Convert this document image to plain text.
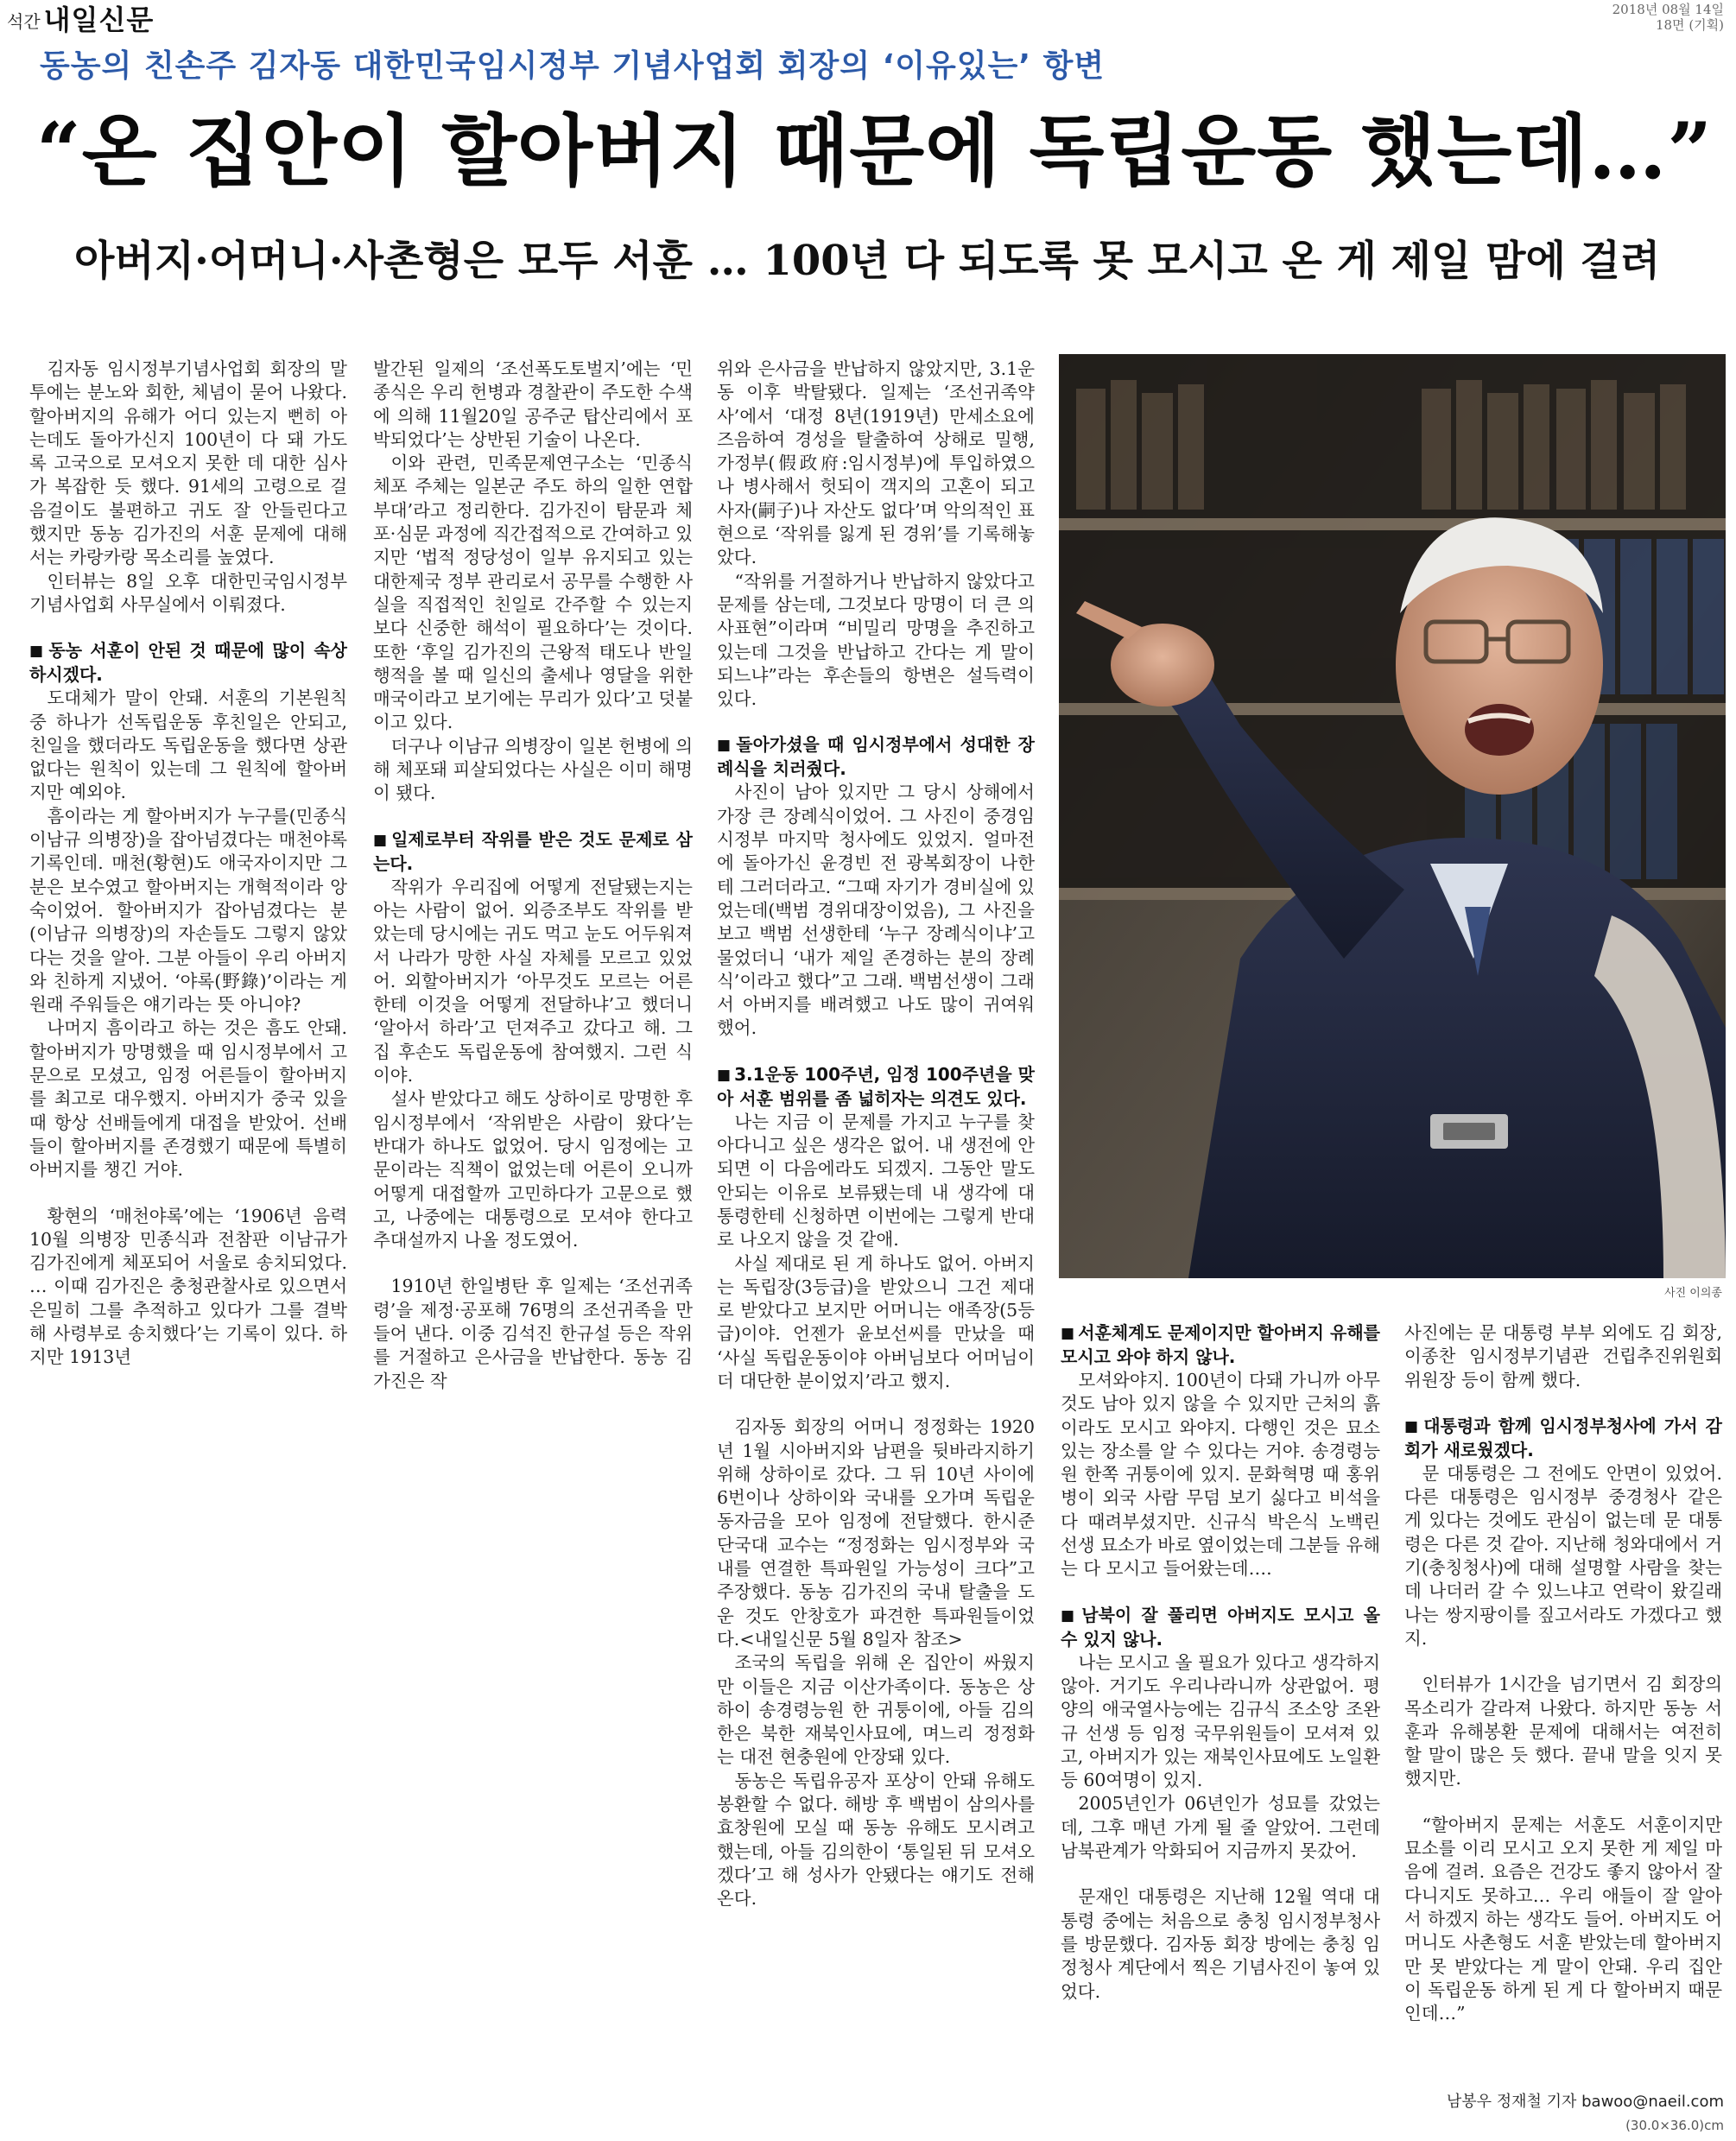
석간 내일신문	2018년 08월 14일
18면 (기획)
동농의 친손주 김자동 대한민국임시정부 기념사업회 회장의 ‘이유있는’ 항변
“온 집안이 할아버지 때문에 독립운동 했는데…”
아버지·어머니·사촌형은 모두 서훈 … 100년 다 되도록 못 모시고 온 게 제일 맘에 걸려

김자동 임시정부기념사업회 회장의 말투에는 분노와 회한, 체념이 묻어 나왔다. 할아버지의 유해가 어디 있는지 뻔히 아는데도 돌아가신지 100년이 다 돼 가도록 고국으로 모셔오지 못한 데 대한 심사가 복잡한 듯 했다. 91세의 고령으로 걸음걸이도 불편하고 귀도 잘 안들린다고 했지만 동농 김가진의 서훈 문제에 대해서는 카랑카랑 목소리를 높였다.

인터뷰는 8일 오후 대한민국임시정부기념사업회 사무실에서 이뤄졌다.

■ 동농 서훈이 안된 것 때문에 많이 속상하시겠다.

도대체가 말이 안돼. 서훈의 기본원칙 중 하나가 선독립운동 후친일은 안되고, 친일을 했더라도 독립운동을 했다면 상관없다는 원칙이 있는데 그 원칙에 할아버지만 예외야.

흠이라는 게 할아버지가 누구를(민종식 이남규 의병장)을 잡아넘겼다는 매천야록 기록인데. 매천(황현)도 애국자이지만 그분은 보수였고 할아버지는 개혁적이라 앙숙이었어. 할아버지가 잡아넘겼다는 분(이남규 의병장)의 자손들도 그렇지 않았다는 것을 알아. 그분 아들이 우리 아버지와 친하게 지냈어. ‘야록(野錄)’이라는 게 원래 주워들은 얘기라는 뜻 아니야?

나머지 흠이라고 하는 것은 흠도 안돼. 할아버지가 망명했을 때 임시정부에서 고문으로 모셨고, 임정 어른들이 할아버지를 최고로 대우했지. 아버지가 중국 있을 때 항상 선배들에게 대접을 받았어. 선배들이 할아버지를 존경했기 때문에 특별히 아버지를 챙긴 거야.

황현의 ‘매천야록’에는 ‘1906년 음력 10월 의병장 민종식과 전참판 이남규가 김가진에게 체포되어 서울로 송치되었다. … 이때 김가진은 충청관찰사로 있으면서 은밀히 그를 추적하고 있다가 그를 결박해 사령부로 송치했다’는 기록이 있다. 하지만 1913년

발간된 일제의 ‘조선폭도토벌지’에는 ‘민종식은 우리 헌병과 경찰관이 주도한 수색에 의해 11월20일 공주군 탑산리에서 포박되었다’는 상반된 기술이 나온다.

이와 관련, 민족문제연구소는 ‘민종식 체포 주체는 일본군 주도 하의 일한 연합부대’라고 정리한다. 김가진이 탐문과 체포·심문 과정에 직간접적으로 간여하고 있지만 ‘법적 정당성이 일부 유지되고 있는 대한제국 정부 관리로서 공무를 수행한 사실을 직접적인 친일로 간주할 수 있는지 보다 신중한 해석이 필요하다’는 것이다. 또한 ‘후일 김가진의 근왕적 태도나 반일 행적을 볼 때 일신의 출세나 영달을 위한 매국이라고 보기에는 무리가 있다’고 덧붙이고 있다.

더구나 이남규 의병장이 일본 헌병에 의해 체포돼 피살되었다는 사실은 이미 해명이 됐다.

■ 일제로부터 작위를 받은 것도 문제로 삼는다.

작위가 우리집에 어떻게 전달됐는지는 아는 사람이 없어. 외증조부도 작위를 받았는데 당시에는 귀도 먹고 눈도 어두워져서 나라가 망한 사실 자체를 모르고 있었어. 외할아버지가 ‘아무것도 모르는 어른한테 이것을 어떻게 전달하냐’고 했더니 ‘알아서 하라’고 던져주고 갔다고 해. 그 집 후손도 독립운동에 참여했지. 그런 식이야.

설사 받았다고 해도 상하이로 망명한 후 임시정부에서 ‘작위받은 사람이 왔다’는 반대가 하나도 없었어. 당시 임정에는 고문이라는 직책이 없었는데 어른이 오니까 어떻게 대접할까 고민하다가 고문으로 했고, 나중에는 대통령으로 모셔야 한다고 추대설까지 나올 정도였어.

1910년 한일병탄 후 일제는 ‘조선귀족령’을 제정·공포해 76명의 조선귀족을 만들어 낸다. 이중 김석진 한규설 등은 작위를 거절하고 은사금을 반납한다. 동농 김가진은 작

위와 은사금을 반납하지 않았지만, 3.1운동 이후 박탈됐다. 일제는 ‘조선귀족약사’에서 ‘대정 8년(1919년) 만세소요에 즈음하여 경성을 탈출하여 상해로 밀행, 가정부(假政府:임시정부)에 투입하였으나 병사해서 헛되이 객지의 고혼이 되고 사자(嗣子)나 자산도 없다’며 악의적인 표현으로 ‘작위를 잃게 된 경위’를 기록해놓았다.

“작위를 거절하거나 반납하지 않았다고 문제를 삼는데, 그것보다 망명이 더 큰 의사표현”이라며 “비밀리 망명을 추진하고 있는데 그것을 반납하고 간다는 게 말이 되느냐”라는 후손들의 항변은 설득력이 있다.

■ 돌아가셨을 때 임시정부에서 성대한 장례식을 치러줬다.

사진이 남아 있지만 그 당시 상해에서 가장 큰 장례식이었어. 그 사진이 중경임시정부 마지막 청사에도 있었지. 얼마전에 돌아가신 윤경빈 전 광복회장이 나한테 그러더라고. “그때 자기가 경비실에 있었는데(백범 경위대장이었음), 그 사진을 보고 백범 선생한테 ‘누구 장례식이냐’고 물었더니 ‘내가 제일 존경하는 분의 장례식’이라고 했다”고 그래. 백범선생이 그래서 아버지를 배려했고 나도 많이 귀여워했어.

■ 3.1운동 100주년, 임정 100주년을 맞아 서훈 범위를 좀 넓히자는 의견도 있다.

나는 지금 이 문제를 가지고 누구를 찾아다니고 싶은 생각은 없어. 내 생전에 안되면 이 다음에라도 되겠지. 그동안 말도 안되는 이유로 보류됐는데 내 생각에 대통령한테 신청하면 이번에는 그렇게 반대로 나오지 않을 것 같애.

사실 제대로 된 게 하나도 없어. 아버지는 독립장(3등급)을 받았으니 그건 제대로 받았다고 보지만 어머니는 애족장(5등급)이야. 언젠가 윤보선씨를 만났을 때 ‘사실 독립운동이야 아버님보다 어머님이 더 대단한 분이었지’라고 했지.

김자동 회장의 어머니 정정화는 1920년 1월 시아버지와 남편을 뒷바라지하기 위해 상하이로 갔다. 그 뒤 10년 사이에 6번이나 상하이와 국내를 오가며 독립운동자금을 모아 임정에 전달했다. 한시준 단국대 교수는 “정정화는 임시정부와 국내를 연결한 특파원일 가능성이 크다”고 주장했다. 동농 김가진의 국내 탈출을 도운 것도 안창호가 파견한 특파원들이었다.<내일신문 5월 8일자 참조>

조국의 독립을 위해 온 집안이 싸웠지만 이들은 지금 이산가족이다. 동농은 상하이 송경령능원 한 귀퉁이에, 아들 김의한은 북한 재북인사묘에, 며느리 정정화는 대전 현충원에 안장돼 있다.

동농은 독립유공자 포상이 안돼 유해도 봉환할 수 없다. 해방 후 백범이 삼의사를 효창원에 모실 때 동농 유해도 모시려고 했는데, 아들 김의한이 ‘통일된 뒤 모셔오겠다’고 해 성사가 안됐다는 얘기도 전해온다.

사진 이의종

■ 서훈체계도 문제이지만 할아버지 유해를 모시고 와야 하지 않나.

모셔와야지. 100년이 다돼 가니까 아무것도 남아 있지 않을 수 있지만 근처의 흙이라도 모시고 와야지. 다행인 것은 묘소 있는 장소를 알 수 있다는 거야. 송경령능원 한쪽 귀퉁이에 있지. 문화혁명 때 홍위병이 외국 사람 무덤 보기 싫다고 비석을 다 때려부셨지만. 신규식 박은식 노백린 선생 묘소가 바로 옆이었는데 그분들 유해는 다 모시고 들어왔는데….

■ 남북이 잘 풀리면 아버지도 모시고 올 수 있지 않나.

나는 모시고 올 필요가 있다고 생각하지 않아. 거기도 우리나라니까 상관없어. 평양의 애국열사능에는 김규식 조소앙 조완규 선생 등 임정 국무위원들이 모셔져 있고, 아버지가 있는 재북인사묘에도 노일환 등 60여명이 있지.

2005년인가 06년인가 성묘를 갔었는데, 그후 매년 가게 될 줄 알았어. 그런데 남북관계가 악화되어 지금까지 못갔어.

문재인 대통령은 지난해 12월 역대 대통령 중에는 처음으로 충칭 임시정부청사를 방문했다. 김자동 회장 방에는 충칭 임정청사 계단에서 찍은 기념사진이 놓여 있었다.

사진에는 문 대통령 부부 외에도 김 회장, 이종찬 임시정부기념관 건립추진위원회 위원장 등이 함께 했다.

■ 대통령과 함께 임시정부청사에 가서 감회가 새로웠겠다.

문 대통령은 그 전에도 안면이 있었어. 다른 대통령은 임시정부 중경청사 같은 게 있다는 것에도 관심이 없는데 문 대통령은 다른 것 같아. 지난해 청와대에서 거기(충칭청사)에 대해 설명할 사람을 찾는데 나더러 갈 수 있느냐고 연락이 왔길래 나는 쌍지팡이를 짚고서라도 가겠다고 했지.

인터뷰가 1시간을 넘기면서 김 회장의 목소리가 갈라져 나왔다. 하지만 동농 서훈과 유해봉환 문제에 대해서는 여전히 할 말이 많은 듯 했다. 끝내 말을 잇지 못했지만.

“할아버지 문제는 서훈도 서훈이지만 묘소를 이리 모시고 오지 못한 게 제일 마음에 걸려. 요즘은 건강도 좋지 않아서 잘 다니지도 못하고… 우리 애들이 잘 알아서 하겠지 하는 생각도 들어. 아버지도 어머니도 사촌형도 서훈 받았는데 할아버지만 못 받았다는 게 말이 안돼. 우리 집안이 독립운동 하게 된 게 다 할아버지 때문인데…”

남봉우 정재철 기자 bawoo@naeil.com
(30.0×36.0)cm
